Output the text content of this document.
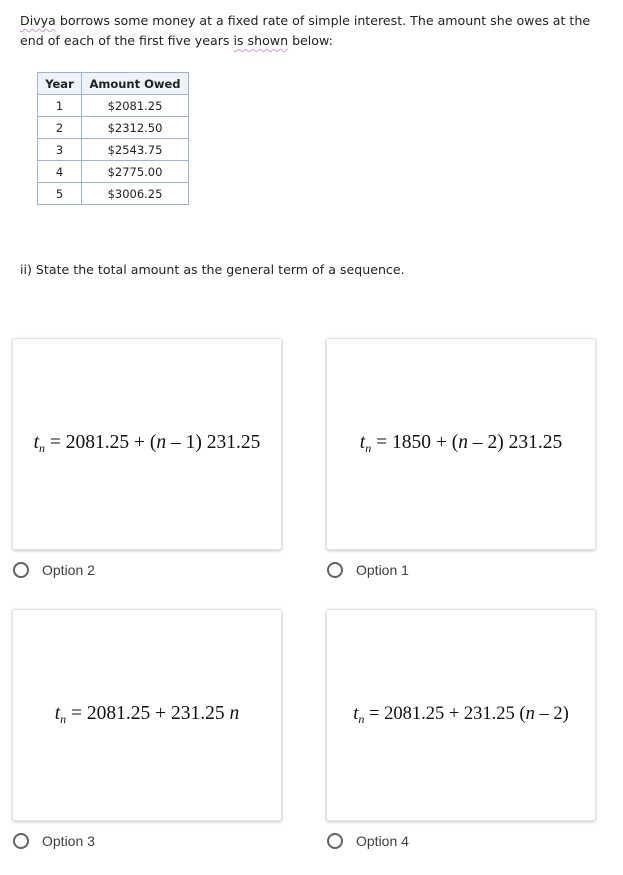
Divya borrows some money at a fixed rate of simple interest. The amount she owes at the end of each of the first five years is shown below:
Year	Amount Owed
1	$2081.25
2	$2312.50
3	$2543.75
4	$2775.00
5	$3006.25
ii) State the total amount as the general term of a sequence.
$t_n = 2081.25 + (n - 1)$ 231.25
Option 2
$t_n = 1850 + (n - 2)$ 231.25
Option 1
$t_n = 2081.25 + 231.25$ n
Option 3
$t_n = 2081.25 + 231.25$ (n – 2)
Option 4
